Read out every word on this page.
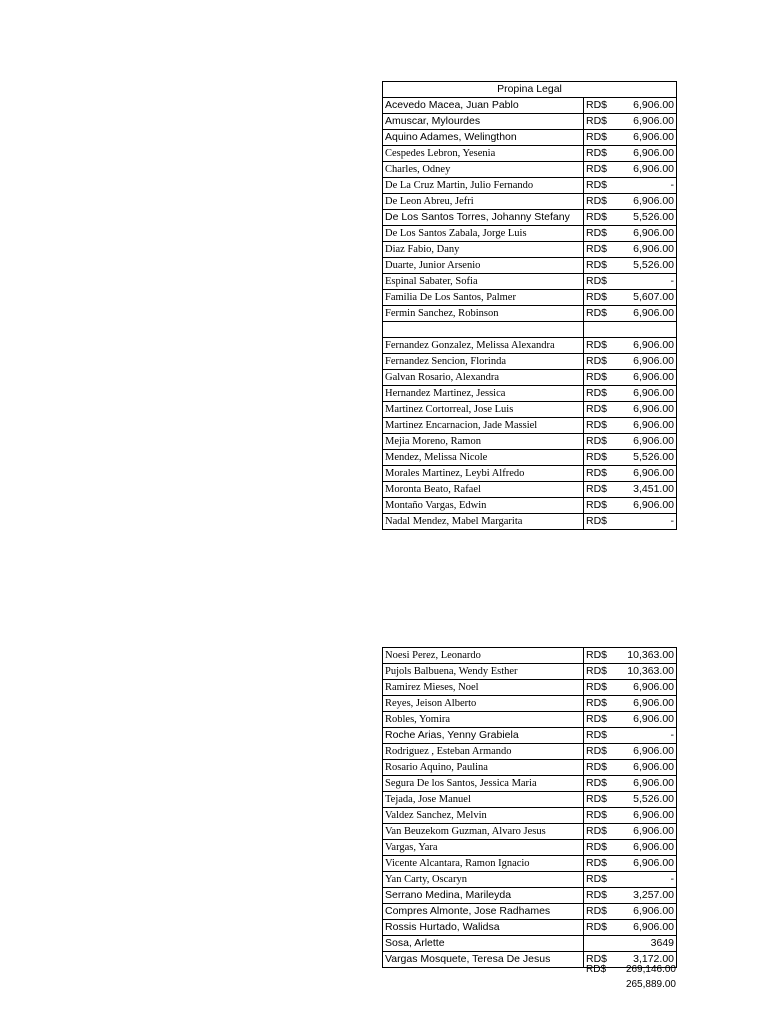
Propina Legal		
Acevedo Macea, Juan Pablo	RD$	6,906.00
Amuscar, Mylourdes	RD$	6,906.00
Aquino Adames, Welingthon	RD$	6,906.00
Cespedes Lebron, Yesenia	RD$	6,906.00
Charles, Odney	RD$	6,906.00
De La Cruz Martin, Julio Fernando	RD$	-
De Leon Abreu, Jefri	RD$	6,906.00
De Los Santos Torres, Johanny Stefany	RD$	5,526.00
De Los Santos Zabala, Jorge Luis	RD$	6,906.00
Diaz Fabio, Dany	RD$	6,906.00
Duarte, Junior Arsenio	RD$	5,526.00
Espinal Sabater, Sofia	RD$	-
Familia De Los Santos, Palmer	RD$	5,607.00
Fermin Sanchez, Robinson	RD$	6,906.00

Fernandez Gonzalez, Melissa Alexandra	RD$	6,906.00
Fernandez Sencion, Florinda	RD$	6,906.00
Galvan Rosario, Alexandra	RD$	6,906.00
Hernandez Martinez, Jessica	RD$	6,906.00
Martinez Cortorreal, Jose Luis	RD$	6,906.00
Martinez Encarnacion, Jade Massiel	RD$	6,906.00
Mejia Moreno, Ramon	RD$	6,906.00
Mendez, Melissa Nicole	RD$	5,526.00
Morales Martinez, Leybi Alfredo	RD$	6,906.00
Moronta Beato, Rafael	RD$	3,451.00
Montaño Vargas, Edwin	RD$	6,906.00
Nadal Mendez, Mabel Margarita	RD$	-
Noesi Perez, Leonardo	RD$	10,363.00
Pujols Balbuena, Wendy Esther	RD$	10,363.00
Ramirez Mieses, Noel	RD$	6,906.00
Reyes, Jeison Alberto	RD$	6,906.00
Robles, Yomira	RD$	6,906.00
Roche Arias, Yenny Grabiela	RD$	-
Rodriguez , Esteban Armando	RD$	6,906.00
Rosario Aquino, Paulina	RD$	6,906.00
Segura De los Santos, Jessica Maria	RD$	6,906.00
Tejada, Jose Manuel	RD$	5,526.00
Valdez Sanchez, Melvin	RD$	6,906.00
Van Beuzekom Guzman, Alvaro Jesus	RD$	6,906.00
Vargas, Yara	RD$	6,906.00
Vicente Alcantara, Ramon Ignacio	RD$	6,906.00
Yan Carty, Oscaryn	RD$	-
Serrano Medina, Marileyda	RD$	3,257.00
Compres Almonte, Jose Radhames	RD$	6,906.00
Rossis Hurtado, Walidsa	RD$	6,906.00
Sosa, Arlette	3649	
Vargas Mosquete, Teresa De Jesus	RD$	3,172.00
RD$ 269,146.00
265,889.00
